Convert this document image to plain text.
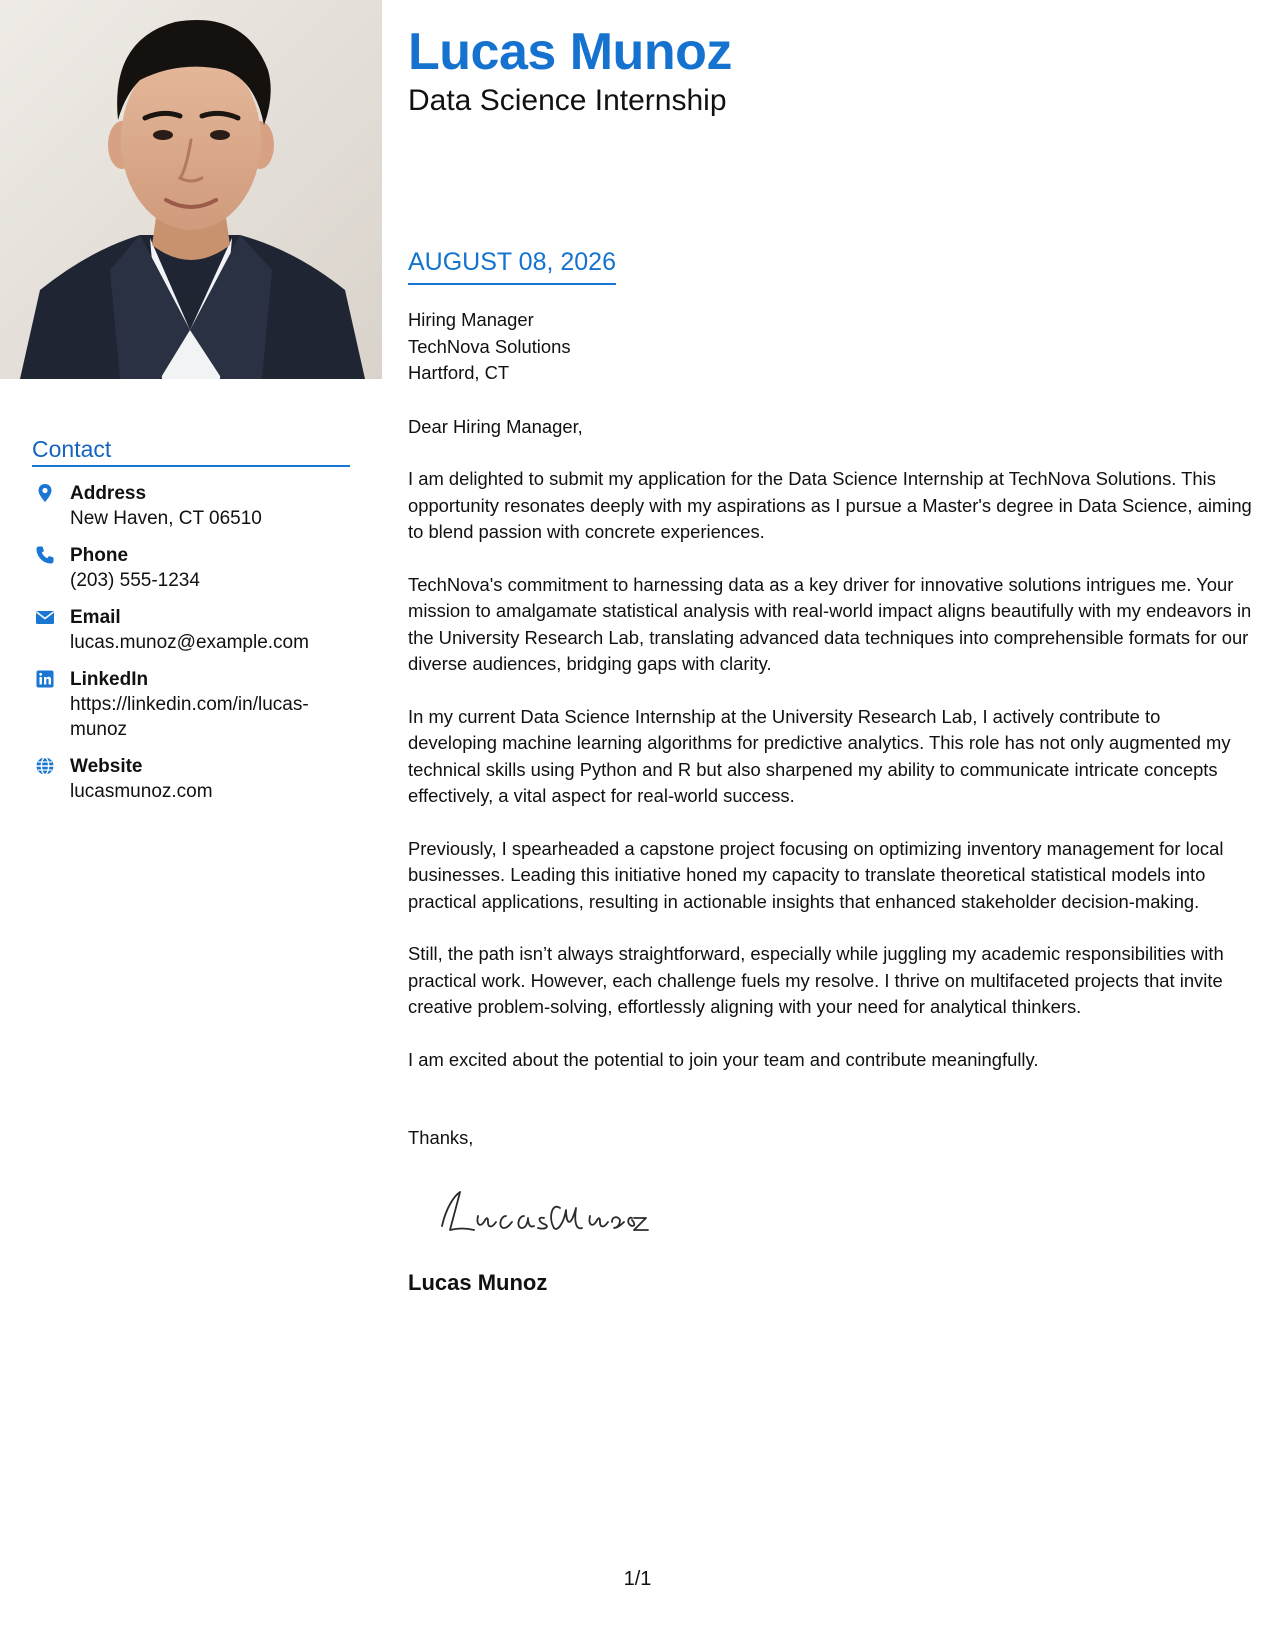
Contact
Address
New Haven, CT 06510
Phone
(203) 555-1234
Email
lucas.munoz@example.com
LinkedIn
https://linkedin.com/in/lucas-munoz
Website
lucasmunoz.com
Lucas Munoz
Data Science Internship
AUGUST 08, 2026

Hiring Manager

TechNova Solutions

Hartford, CT

Dear Hiring Manager,

I am delighted to submit my application for the Data Science Internship at TechNova Solutions. This opportunity resonates deeply with my aspirations as I pursue a Master's degree in Data Science, aiming to blend passion with concrete experiences.

TechNova's commitment to harnessing data as a key driver for innovative solutions intrigues me. Your mission to amalgamate statistical analysis with real-world impact aligns beautifully with my endeavors in the University Research Lab, translating advanced data techniques into comprehensible formats for our diverse audiences, bridging gaps with clarity.

In my current Data Science Internship at the University Research Lab, I actively contribute to developing machine learning algorithms for predictive analytics. This role has not only augmented my technical skills using Python and R but also sharpened my ability to communicate intricate concepts effectively, a vital aspect for real-world success.

Previously, I spearheaded a capstone project focusing on optimizing inventory management for local businesses. Leading this initiative honed my capacity to translate theoretical statistical models into practical applications, resulting in actionable insights that enhanced stakeholder decision-making.

Still, the path isn’t always straightforward, especially while juggling my academic responsibilities with practical work. However, each challenge fuels my resolve. I thrive on multifaceted projects that invite creative problem-solving, effortlessly aligning with your need for analytical thinkers.

I am excited about the potential to join your team and contribute meaningfully.

Thanks,
Lucas Munoz
1/1
